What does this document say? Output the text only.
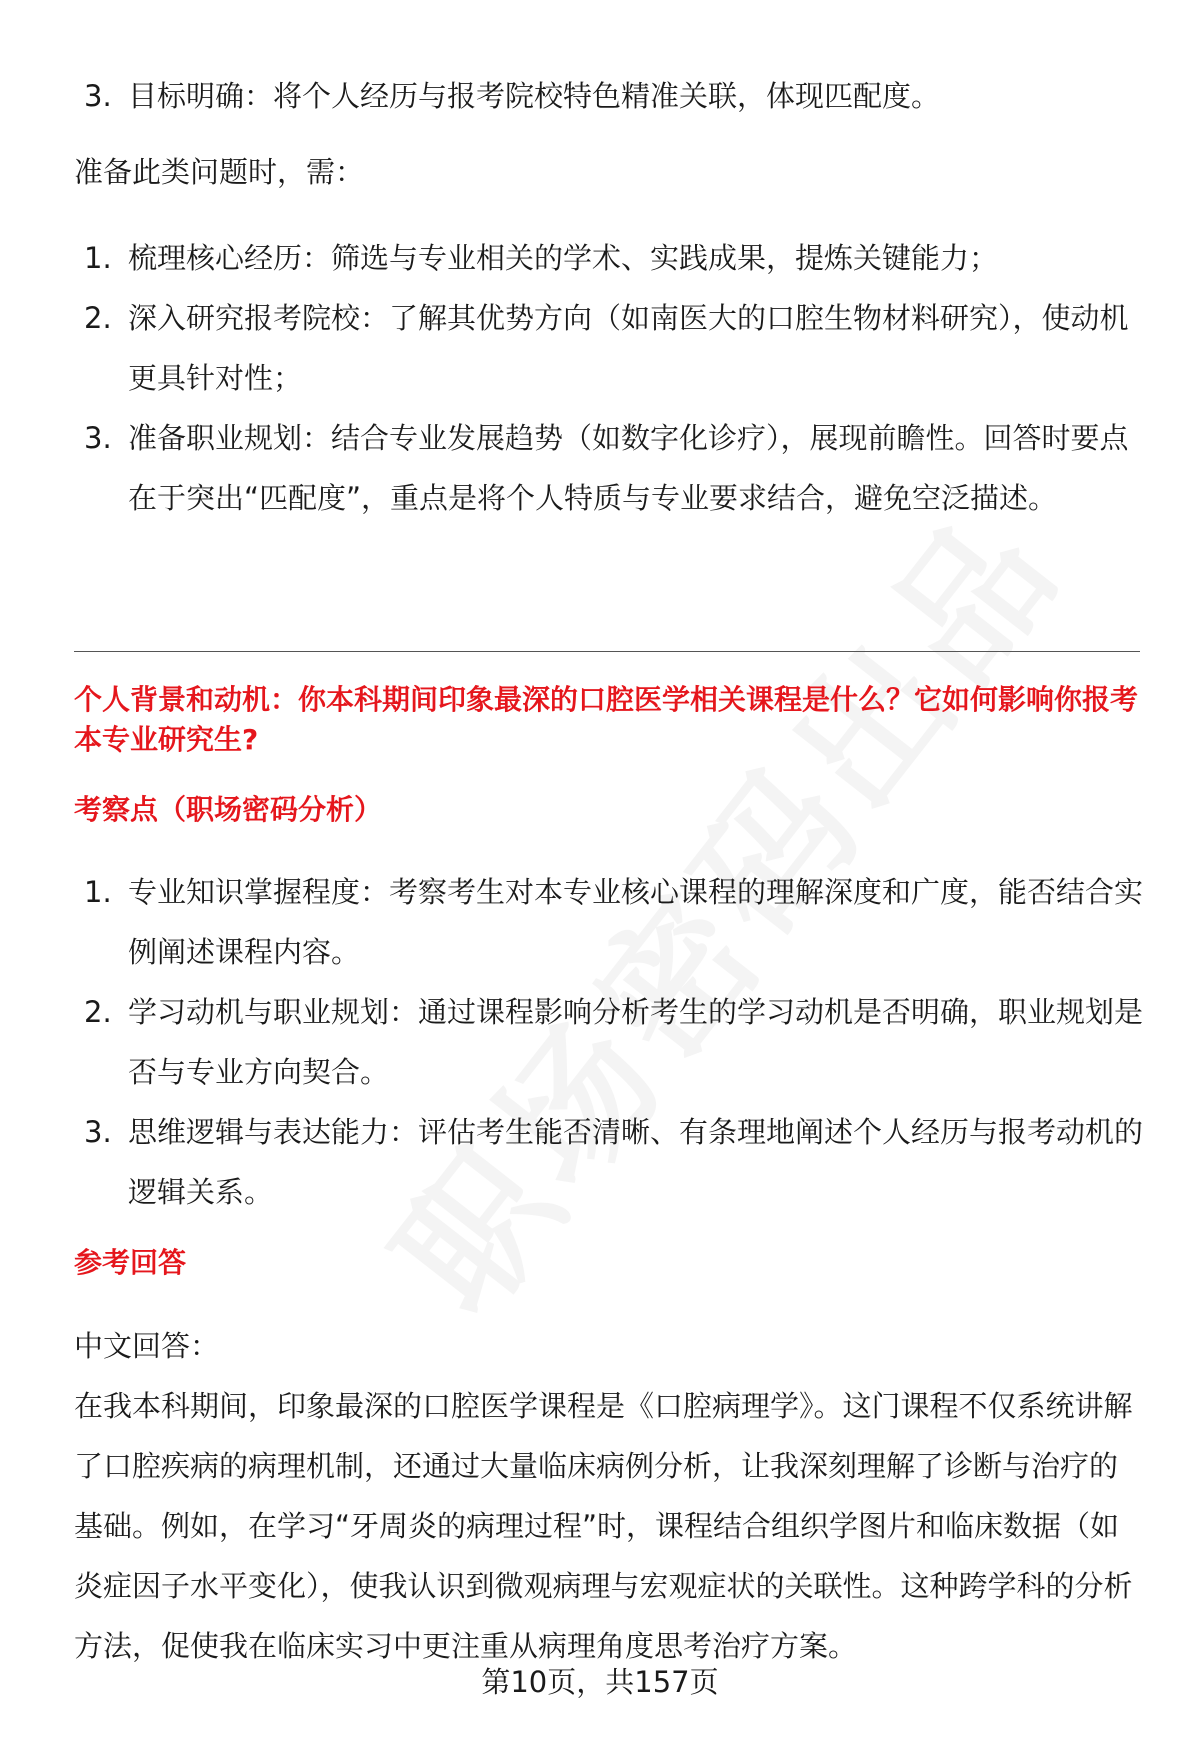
3. 目标明确：将个人经历与报考院校特色精准关联，体现匹配度。
准备此类问题时，需：
1. 梳理核心经历：筛选与专业相关的学术、实践成果，提炼关键能力；
2. 深入研究报考院校：了解其优势方向（如南医大的口腔生物材料研究），使动机更具针对性；
3. 准备职业规划：结合专业发展趋势（如数字化诊疗），展现前瞻性。回答时要点在于突出“匹配度”，重点是将个人特质与专业要求结合，避免空泛描述。
个人背景和动机：你本科期间印象最深的口腔医学相关课程是什么？它如何影响你报考本专业研究生?
考察点（职场密码分析）
1. 专业知识掌握程度：考察考生对本专业核心课程的理解深度和广度，能否结合实例阐述课程内容。
2. 学习动机与职业规划：通过课程影响分析考生的学习动机是否明确，职业规划是否与专业方向契合。
3. 思维逻辑与表达能力：评估考生能否清晰、有条理地阐述个人经历与报考动机的逻辑关系。
参考回答
中文回答：
在我本科期间，印象最深的口腔医学课程是《口腔病理学》。这门课程不仅系统讲解了口腔疾病的病理机制，还通过大量临床病例分析，让我深刻理解了诊断与治疗的基础。例如，在学习“牙周炎的病理过程”时，课程结合组织学图片和临床数据（如炎症因子水平变化），使我认识到微观病理与宏观症状的关联性。这种跨学科的分析方法，促使我在临床实习中更注重从病理角度思考治疗方案。
第10页，共157页
